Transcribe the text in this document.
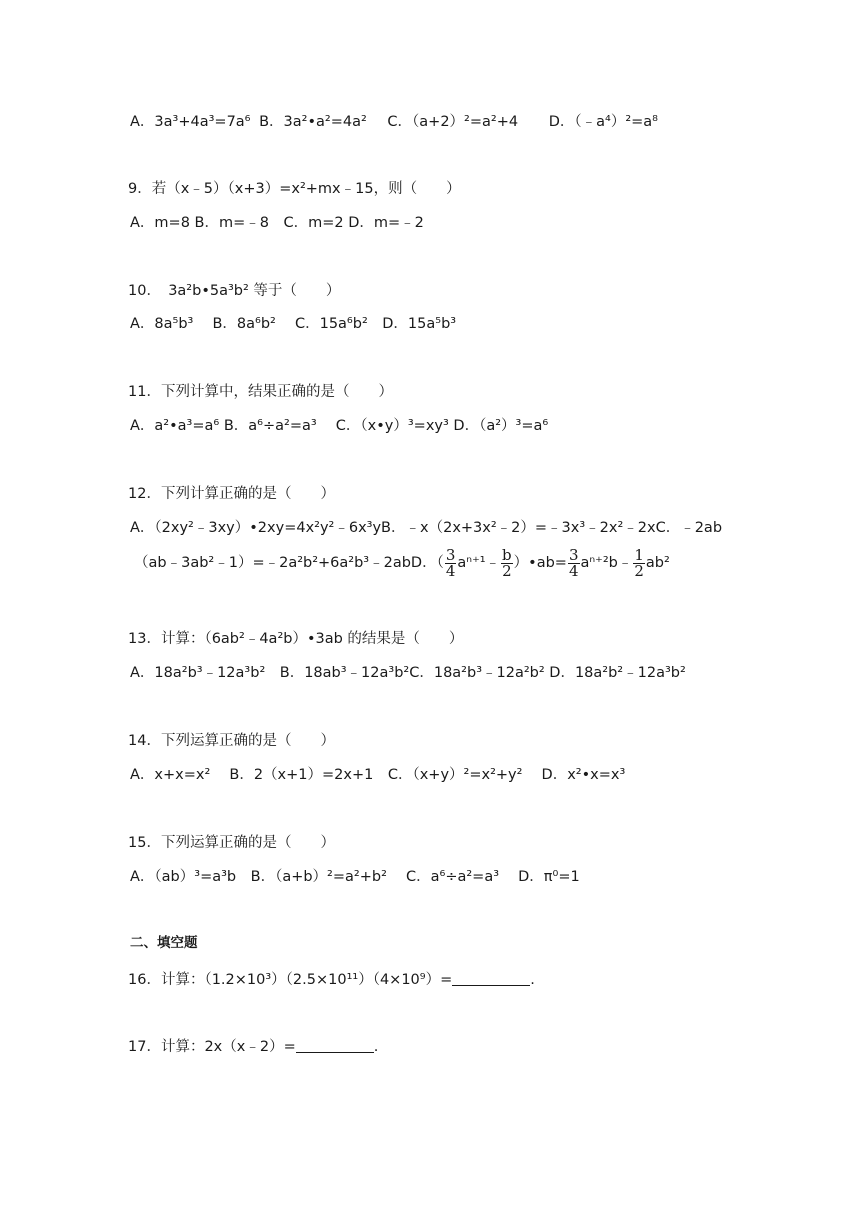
A．3a³+4a³=7a⁶ B．3a²•a²=4a² C．（a+2）²=a²+4 D．（﹣a⁴）²=a⁸
9．若（x﹣5）（x+3）=x²+mx﹣15，则（　　）
A．m=8 B．m=﹣8　C．m=2 D．m=﹣2
10．　3a²b•5a³b² 等于（　　）
A．8a⁵b³　 B．8a⁶b²　 C．15a⁶b²　D．15a⁵b³
11．下列计算中，结果正确的是（　　）
A．a²•a³=a⁶ B．a⁶÷a²=a³　 C．（x•y）³=xy³ D．（a²）³=a⁶
12．下列计算正确的是（　　）
A．（2xy²﹣3xy）•2xy=4x²y²﹣6x³yB．﹣x（2x+3x²﹣2）=﹣3x³﹣2x²﹣2xC．﹣2ab
（ab﹣3ab²﹣1）=﹣2a²b²+6a²b³﹣2abD．（ $\frac{3}{4}$ aⁿ⁺¹﹣ $\frac{b}{2}$ ）•ab= $\frac{3}{4}$ aⁿ⁺²b﹣ $\frac{1}{2} ab^2$
13．计算：（6ab²﹣4a²b）•3ab 的结果是（　　）
A．18a²b³﹣12a³b²　B．18ab³﹣12a³b²C．18a²b³﹣12a²b² D．18a²b²﹣12a³b²
14．下列运算正确的是（　　）
A．x+x=x²　 B．2（x+1）=2x+1　C．（x+y）²=x²+y²　 D．x²•x=x³
15．下列运算正确的是（　　）
A．（ab）³=a³b　B．（a+b）²=a²+b²　 C．a⁶÷a²=a³　 D．π⁰=1
二、填空题
16．计算：（1.2×10³）（2.5×10¹¹）（4×10⁹）=	.
17．计算：2x（x﹣2）=	.
